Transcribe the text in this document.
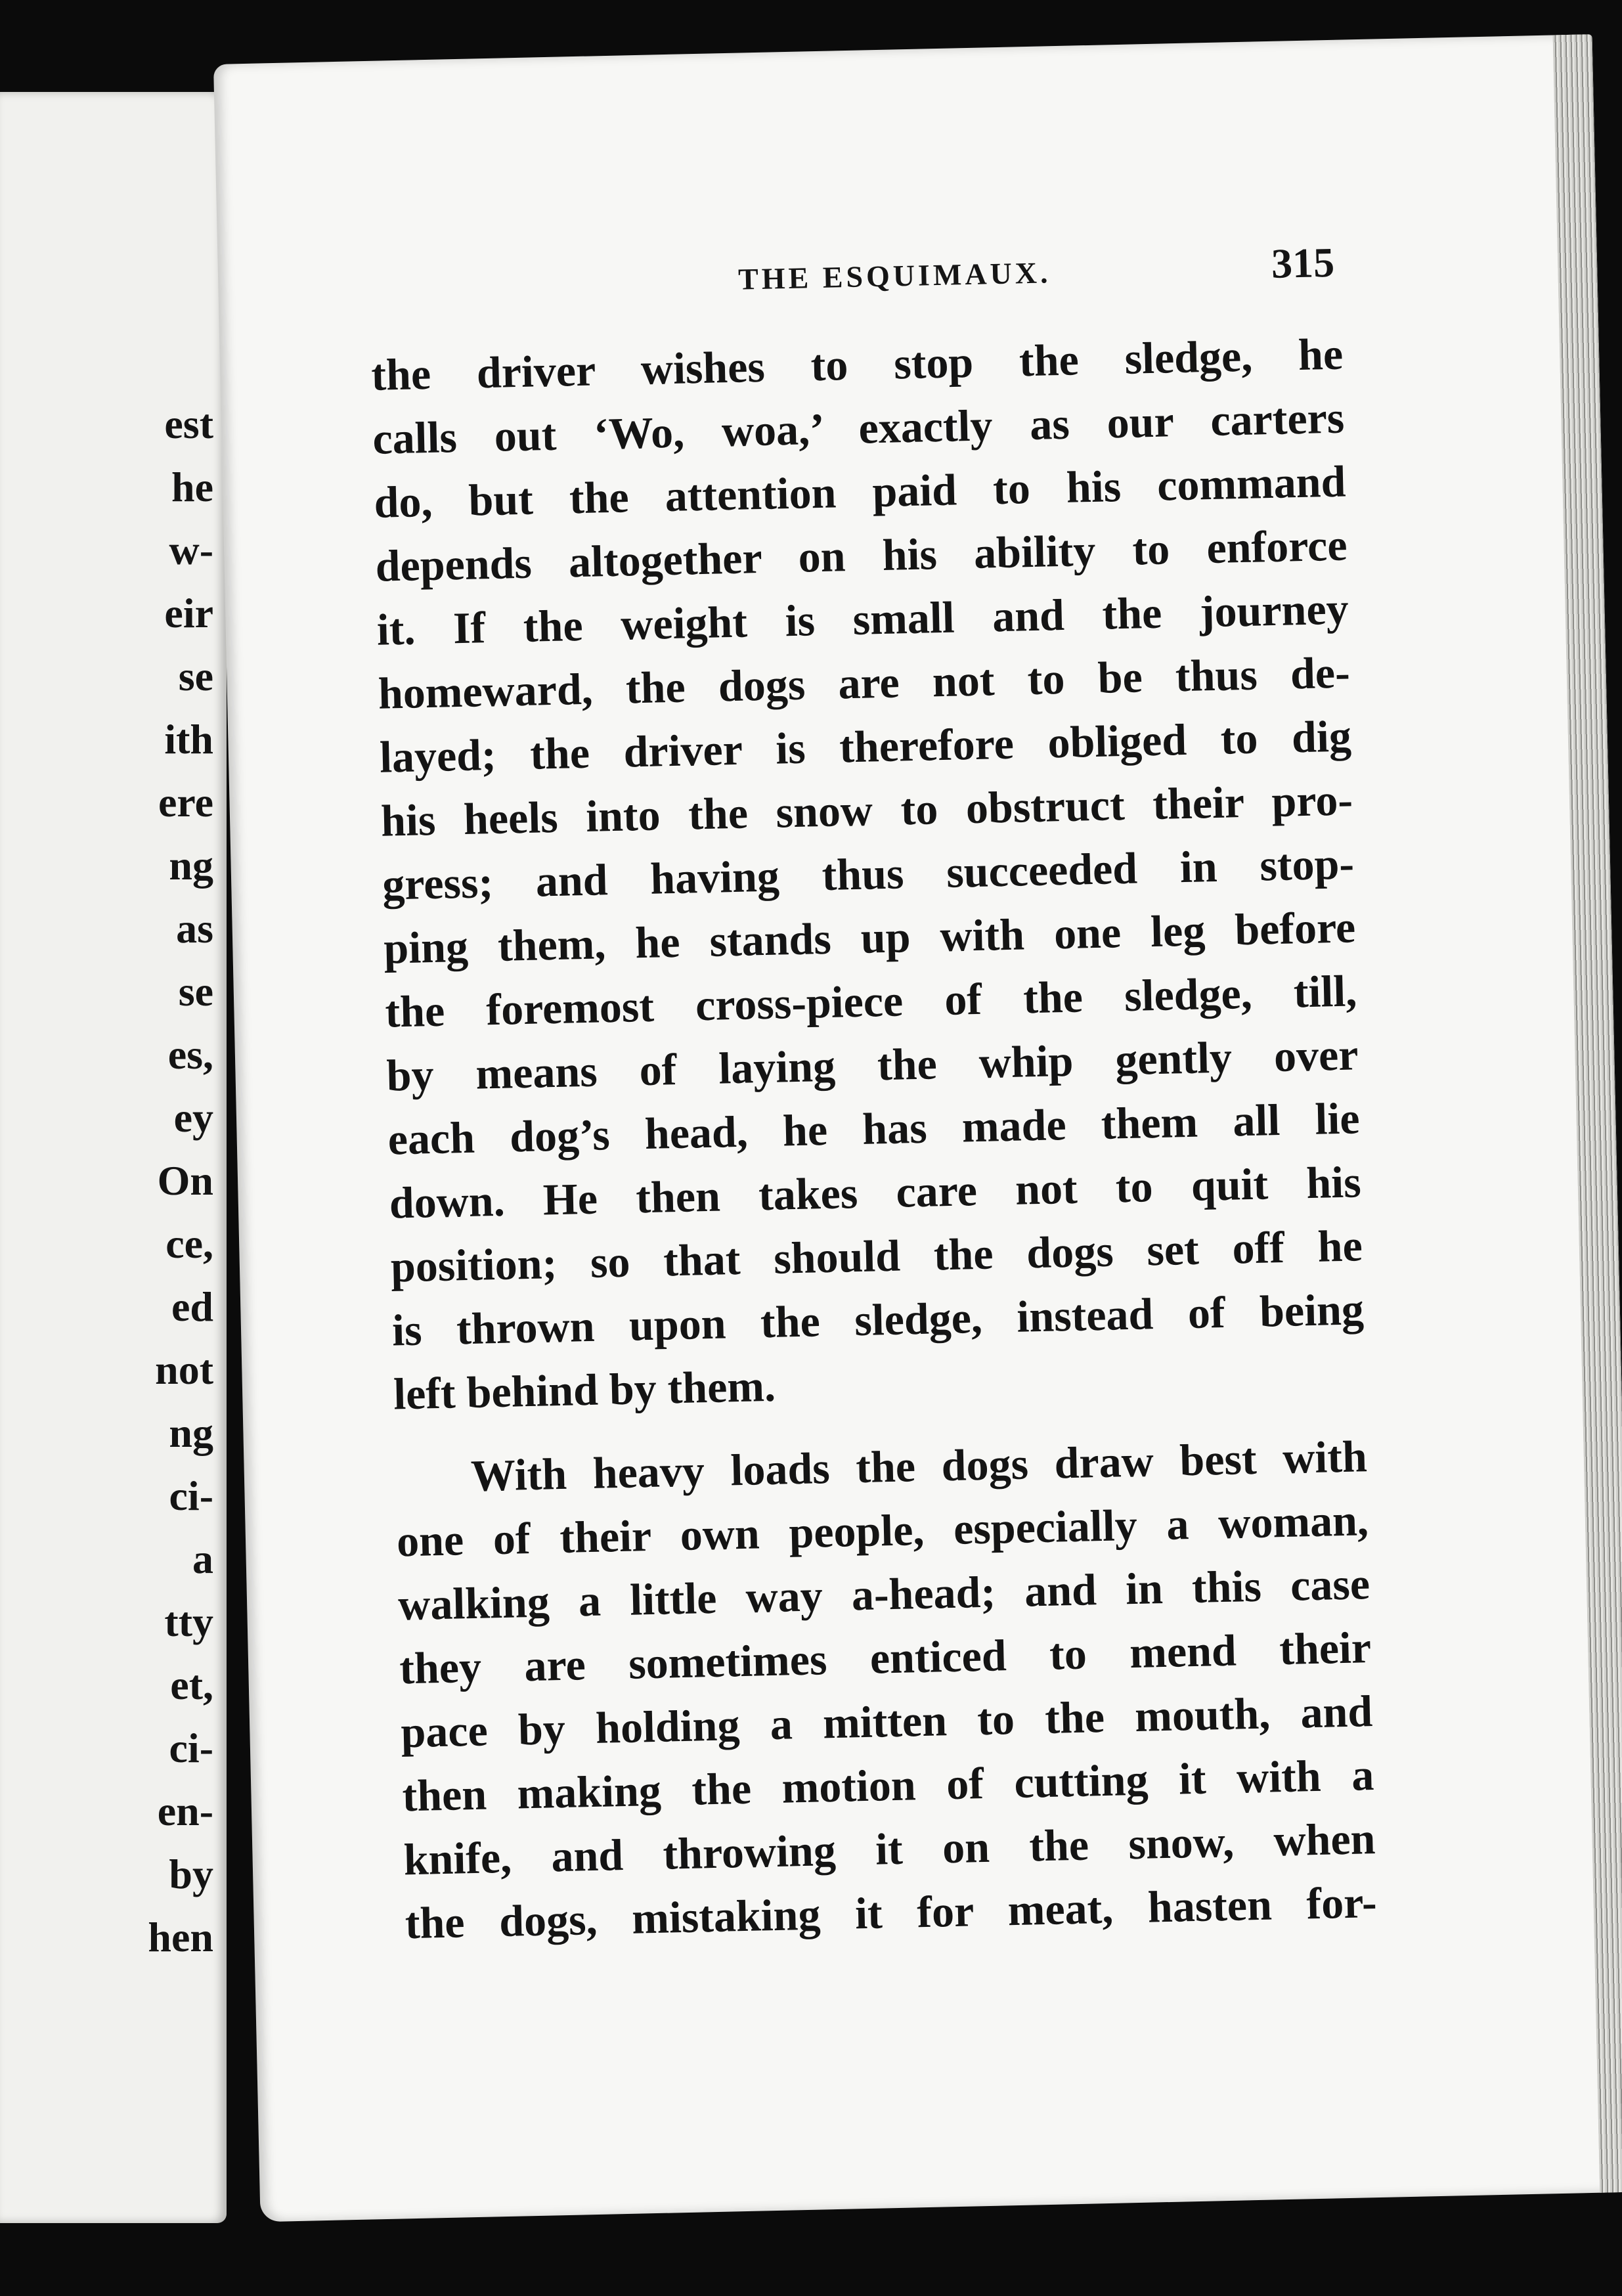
est
he
w-
eir
se
ith
ere
ng
as
se
es,
ey
On
ce,
ed
not
ng
ci-
a
tty
et,
ci-
en-
by
hen
THE ESQUIMAUX.	315
the driver wishes to stop the sledge, he
calls out ‘Wo, woa,’ exactly as our carters
do, but the attention paid to his command
depends altogether on his ability to enforce
it. If the weight is small and the journey
homeward, the dogs are not to be thus de-
layed; the driver is therefore obliged to dig
his heels into the snow to obstruct their pro-
gress; and having thus succeeded in stop-
ping them, he stands up with one leg before
the foremost cross-piece of the sledge, till,
by means of laying the whip gently over
each dog’s head, he has made them all lie
down. He then takes care not to quit his
position; so that should the dogs set off he
is thrown upon the sledge, instead of being
left behind by them.
With heavy loads the dogs draw best with
one of their own people, especially a woman,
walking a little way a-head; and in this case
they are sometimes enticed to mend their
pace by holding a mitten to the mouth, and
then making the motion of cutting it with a
knife, and throwing it on the snow, when
the dogs, mistaking it for meat, hasten for-
